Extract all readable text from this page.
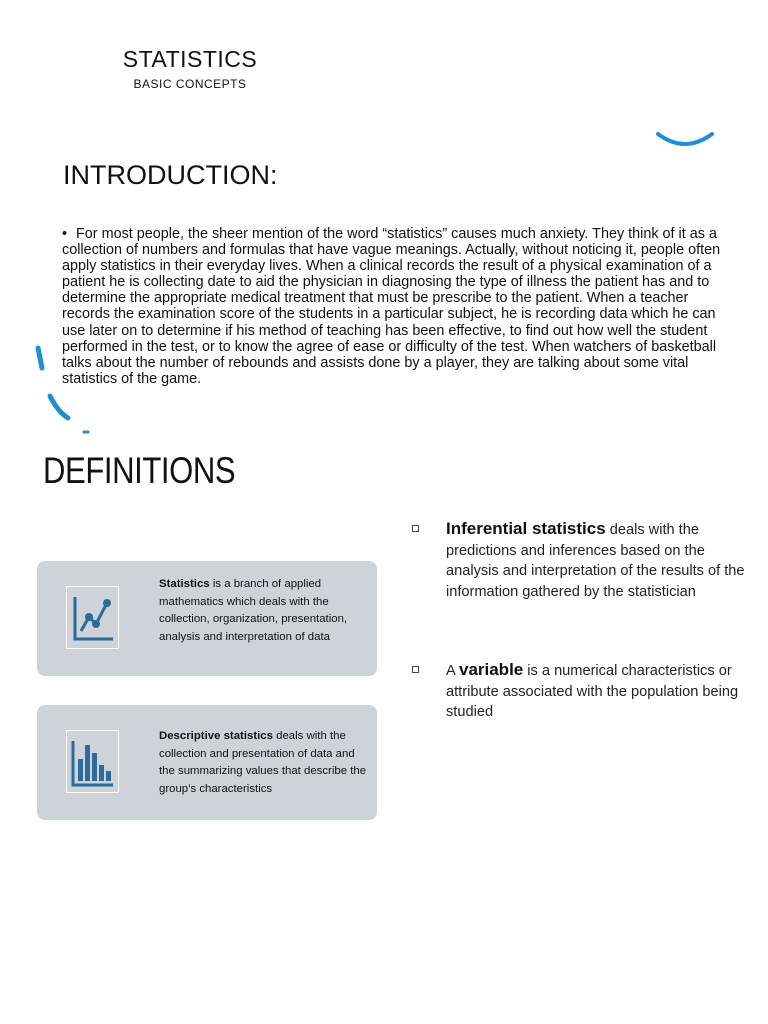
STATISTICS
BASIC CONCEPTS
INTRODUCTION:
• For most people, the sheer mention of the word “statistics” causes much anxiety. They think of it as a collection of numbers and formulas that have vague meanings. Actually, without noticing it, people often apply statistics in their everyday lives. When a clinical records the result of a physical examination of a patient he is collecting date to aid the physician in diagnosing the type of illness the patient has and to determine the appropriate medical treatment that must be prescribe to the patient. When a teacher records the examination score of the students in a particular subject, he is recording data which he can use later on to determine if his method of teaching has been effective, to find out how well the student performed in the test, or to know the agree of ease or difficulty of the test. When watchers of basketball talks about the number of rebounds and assists done by a player, they are talking about some vital statistics of the game.
DEFINITIONS
Statistics is a branch of applied mathematics which deals with the collection, organization, presentation, analysis and interpretation of data
Descriptive statistics deals with the collection and presentation of data and the summarizing values that describe the group’s characteristics
Inferential statistics deals with the predictions and inferences based on the analysis and interpretation of the results of the information gathered by the statistician
A variable is a numerical characteristics or attribute associated with the population being studied
